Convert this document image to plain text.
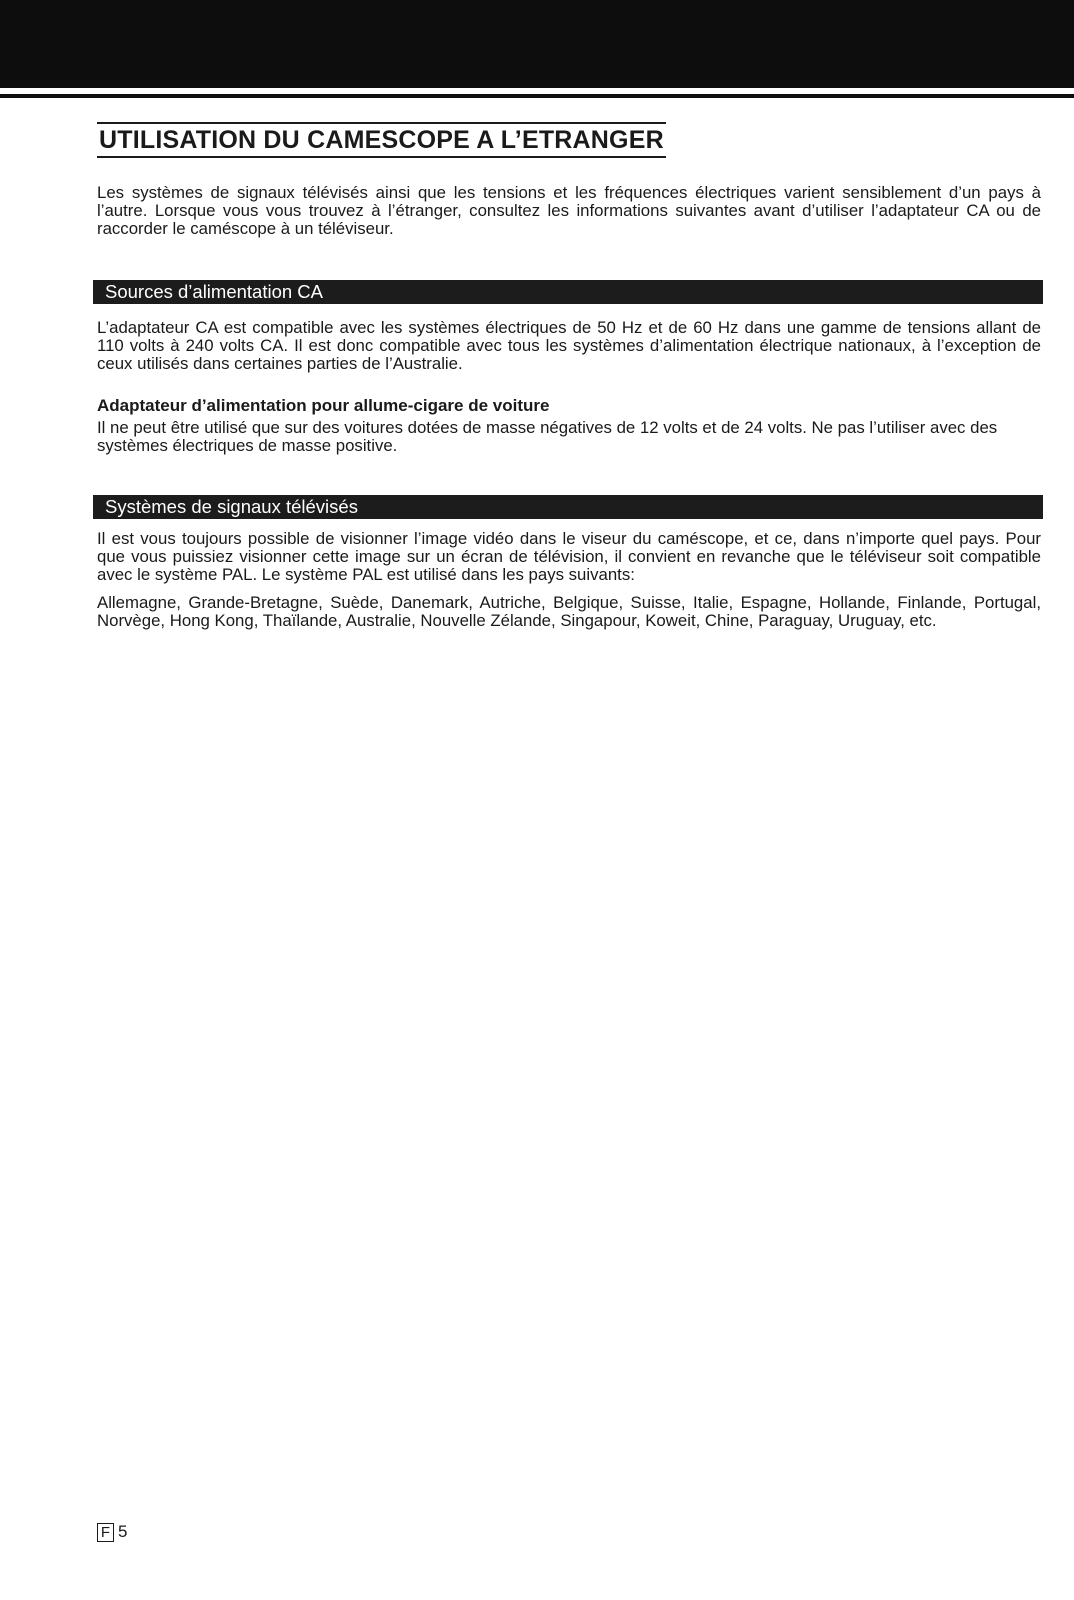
UTILISATION DU CAMESCOPE A L’ETRANGER

Les systèmes de signaux télévisés ainsi que les tensions et les fréquences électriques varient sensiblement d’un pays à l’autre. Lorsque vous vous trouvez à l’étranger, consultez les informations suivantes avant d’utiliser l’adaptateur CA ou de raccorder le caméscope à un téléviseur.

Sources d’alimentation CA

L’adaptateur CA est compatible avec les systèmes électriques de 50 Hz et de 60 Hz dans une gamme de tensions allant de 110 volts à 240 volts CA. Il est donc compatible avec tous les systèmes d’alimentation électrique nationaux, à l’exception de ceux utilisés dans certaines parties de l’Australie.

Adaptateur d’alimentation pour allume-cigare de voiture

Il ne peut être utilisé que sur des voitures dotées de masse négatives de 12 volts et de 24 volts. Ne pas l’utiliser avec des systèmes électriques de masse positive.

Systèmes de signaux télévisés

Il est vous toujours possible de visionner l’image vidéo dans le viseur du caméscope, et ce, dans n’importe quel pays. Pour que vous puissiez visionner cette image sur un écran de télévision, il convient en revanche que le téléviseur soit compatible avec le système PAL. Le système PAL est utilisé dans les pays suivants:

Allemagne, Grande-Bretagne, Suède, Danemark, Autriche, Belgique, Suisse, Italie, Espagne, Hollande, Finlande, Portugal, Norvège, Hong Kong, Thaïlande, Australie, Nouvelle Zélande, Singapour, Koweit, Chine, Paraguay, Uruguay, etc.

F 5
